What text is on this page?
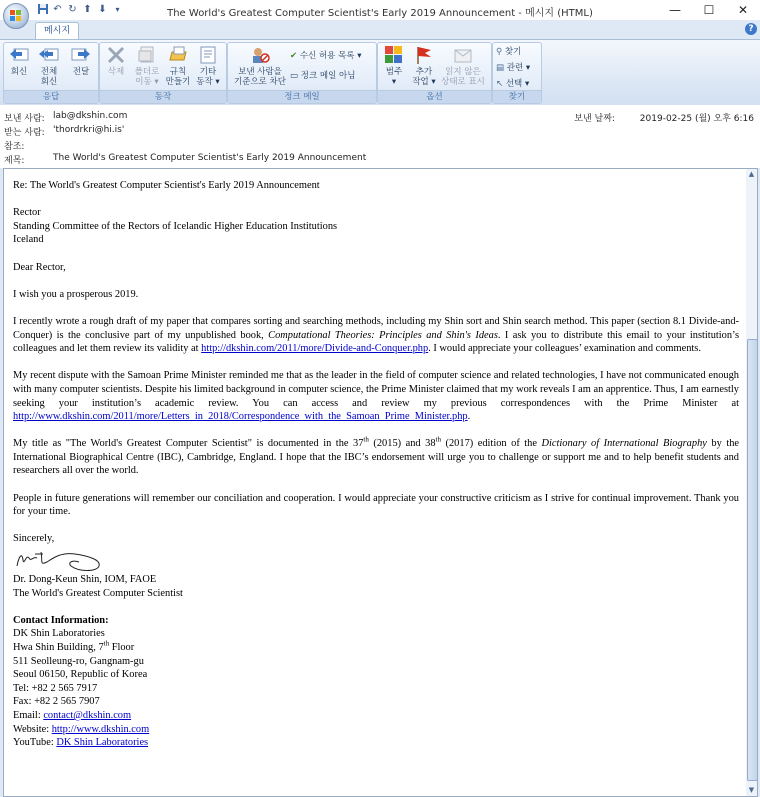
↶ ↻ ⬆ ⬇	▾	The World's Greatest Computer Scientist's Early 2019 Announcement - 메시지 (HTML)	—	☐	✕
메시지	?
회신	전체
회신
전달
응답
삭제	폴더로
이동 ▾
규칙
만들기
기타
동작 ▾
동작
보낸 사람을
기준으로 차단
✔ 수신 허용 목록 ▾
▭ 정크 메일 아님
정크 메일
범주
▾
추가
작업 ▾
읽지 않은
상태로 표시
옵션
⚲ 찾기
▤ 관련 ▾
↖ 선택 ▾
찾기
보낸 사람: lab@dkshin.com
받는 사람: 'thordrkri@hi.is'
참조:
제목:	The World's Greatest Computer Scientist's Early 2019 Announcement
보낸 날짜:	2019-02-25 (월) 오후 6:16

Re: The World's Greatest Computer Scientist's Early 2019 Announcement

Rector
Standing Committee of the Rectors of Icelandic Higher Education Institutions
Iceland

Dear Rector,

I wish you a prosperous 2019.

I recently wrote a rough draft of my paper that compares sorting and searching methods, including my Shin sort and Shin search method. This paper (section 8.1 Divide-and-Conquer) is the conclusive part of my unpublished book, Computational Theories: Principles and Shin's Ideas. I ask you to distribute this email to your institution’s colleagues and let them review its validity at http://dkshin.com/2011/more/Divide-and-Conquer.php. I would appreciate your colleagues’ examination and comments.

My recent dispute with the Samoan Prime Minister reminded me that as the leader in the field of computer science and related technologies, I have not communicated enough with many computer scientists. Despite his limited background in computer science, the Prime Minister claimed that my work reveals I am an apprentice. Thus, I am earnestly seeking your institution’s academic review. You can access and review my previous correspondences with the Prime Minister at http://www.dkshin.com/2011/more/Letters_in_2018/Correspondence_with_the_Samoan_Prime_Minister.php.

My title as "The World's Greatest Computer Scientist" is documented in the 37th (2015) and 38th (2017) edition of the Dictionary of International Biography by the International Biographical Centre (IBC), Cambridge, England. I hope that the IBC’s endorsement will urge you to challenge or support me and to help benefit students and researchers all over the world.

People in future generations will remember our conciliation and cooperation. I would appreciate your constructive criticism as I strive for continual improvement. Thank you for your time.

Sincerely,
Dr. Dong-Keun Shin, IOM, FAOE

The World's Greatest Computer Scientist

Contact Information:
DK Shin Laboratories
Hwa Shin Building, 7th Floor
511 Seolleung-ro, Gangnam-gu
Seoul 06150, Republic of Korea
Tel: +82 2 565 7917
Fax: +82 2 565 7907
Email: contact@dkshin.com
Website: http://www.dkshin.com
YouTube: DK Shin Laboratories
▲
▼
